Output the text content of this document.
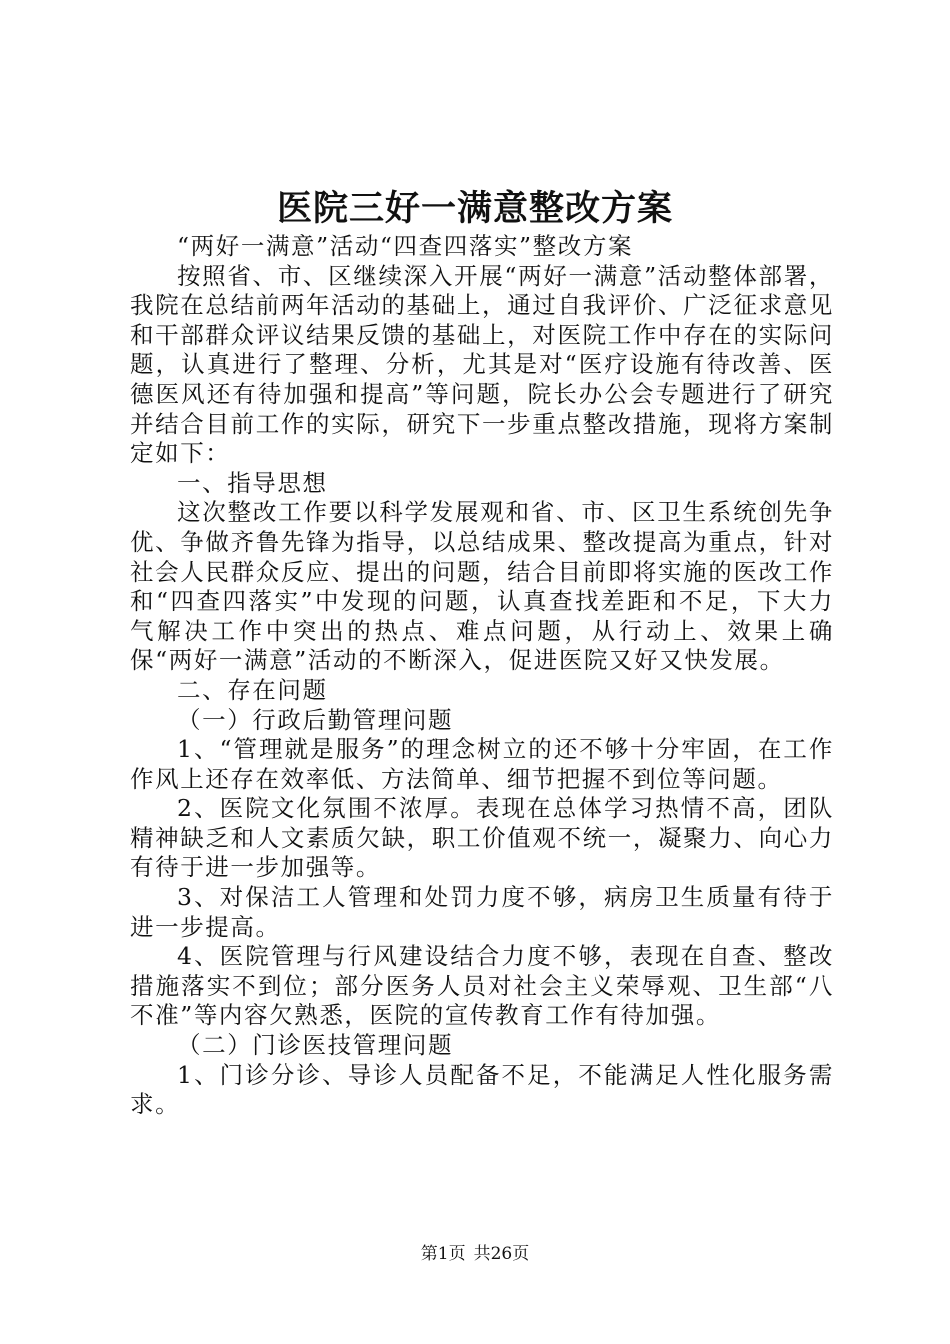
医院三好一满意整改方案

“两好一满意”活动“四查四落实”整改方案

按照省、市、区继续深入开展“两好一满意”活动整体部署，我院在总结前两年活动的基础上，通过自我评价、广泛征求意见和干部群众评议结果反馈的基础上，对医院工作中存在的实际问题，认真进行了整理、分析，尤其是对“医疗设施有待改善、医德医风还有待加强和提高”等问题，院长办公会专题进行了研究并结合目前工作的实际，研究下一步重点整改措施，现将方案制定如下：

一、指导思想

这次整改工作要以科学发展观和省、市、区卫生系统创先争优、争做齐鲁先锋为指导，以总结成果、整改提高为重点，针对社会人民群众反应、提出的问题，结合目前即将实施的医改工作和“四查四落实”中发现的问题，认真查找差距和不足，下大力气解决工作中突出的热点、难点问题，从行动上、效果上确保“两好一满意”活动的不断深入，促进医院又好又快发展。

二、存在问题

（一）行政后勤管理问题

1、“管理就是服务”的理念树立的还不够十分牢固，在工作作风上还存在效率低、方法简单、细节把握不到位等问题。

2、医院文化氛围不浓厚。表现在总体学习热情不高，团队精神缺乏和人文素质欠缺，职工价值观不统一，凝聚力、向心力有待于进一步加强等。

3、对保洁工人管理和处罚力度不够，病房卫生质量有待于进一步提高。

4、医院管理与行风建设结合力度不够，表现在自查、整改措施落实不到位；部分医务人员对社会主义荣辱观、卫生部“八不准”等内容欠熟悉，医院的宣传教育工作有待加强。

（二）门诊医技管理问题

1、门诊分诊、导诊人员配备不足，不能满足人性化服务需求。

第1页 共26页
